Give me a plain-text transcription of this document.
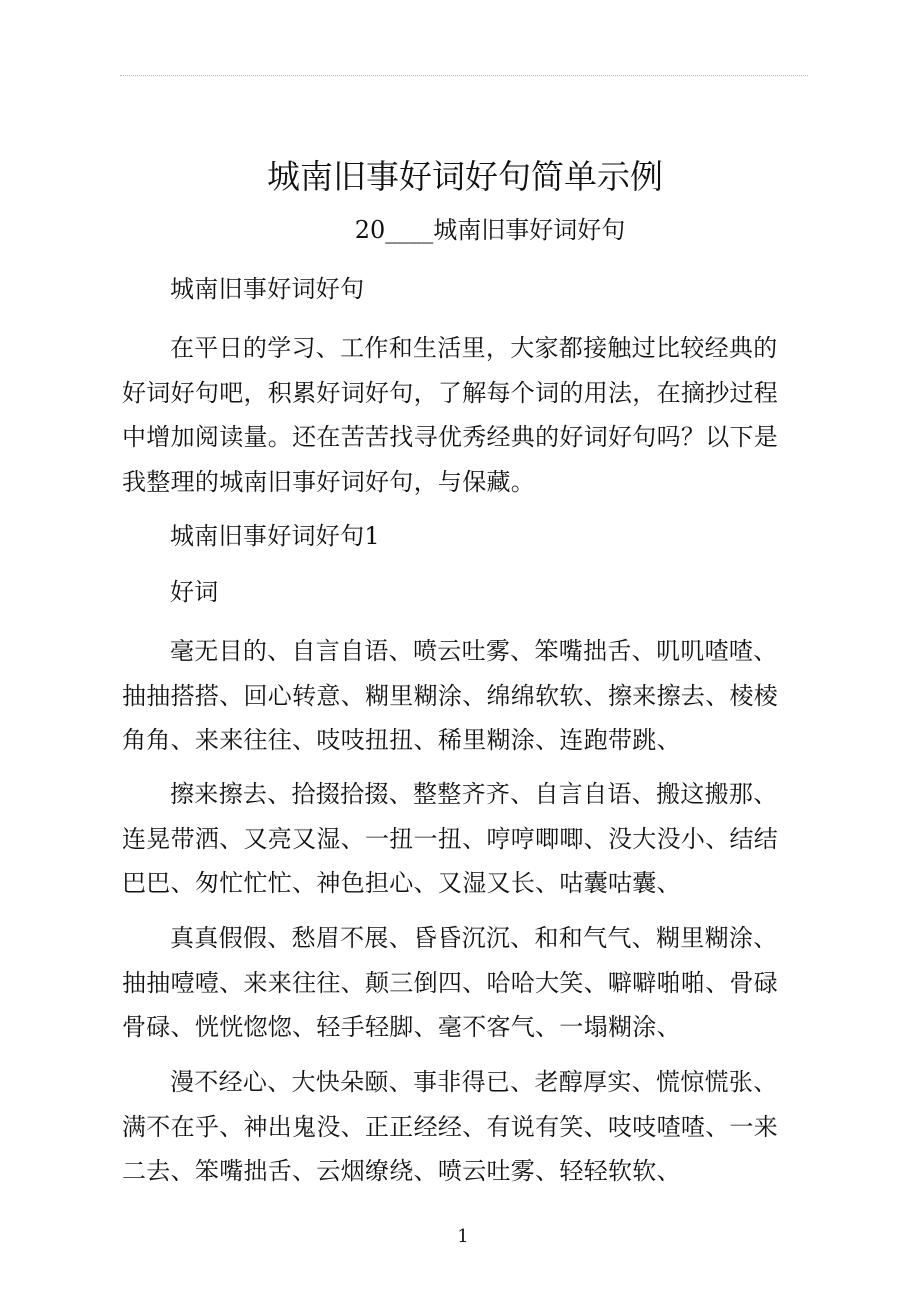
城南旧事好词好句简单示例
20____城南旧事好词好句

城南旧事好词好句

在平日的学习、工作和生活里，大家都接触过比较经典的好词好句吧，积累好词好句，了解每个词的用法，在摘抄过程中增加阅读量。还在苦苦找寻优秀经典的好词好句吗？以下是我整理的城南旧事好词好句，与保藏。

城南旧事好词好句1

好词

毫无目的、自言自语、喷云吐雾、笨嘴拙舌、叽叽喳喳、抽抽搭搭、回心转意、糊里糊涂、绵绵软软、擦来擦去、棱棱角角、来来往往、吱吱扭扭、稀里糊涂、连跑带跳、

擦来擦去、拾掇拾掇、整整齐齐、自言自语、搬这搬那、连晃带洒、又亮又湿、一扭一扭、哼哼唧唧、没大没小、结结巴巴、匆忙忙忙、神色担心、又湿又长、咕囊咕囊、

真真假假、愁眉不展、昏昏沉沉、和和气气、糊里糊涂、抽抽噎噎、来来往往、颠三倒四、哈哈大笑、噼噼啪啪、骨碌骨碌、恍恍惚惚、轻手轻脚、毫不客气、一塌糊涂、

漫不经心、大快朵颐、事非得已、老醇厚实、慌惊慌张、满不在乎、神出鬼没、正正经经、有说有笑、吱吱喳喳、一来二去、笨嘴拙舌、云烟缭绕、喷云吐雾、轻轻软软、

1
